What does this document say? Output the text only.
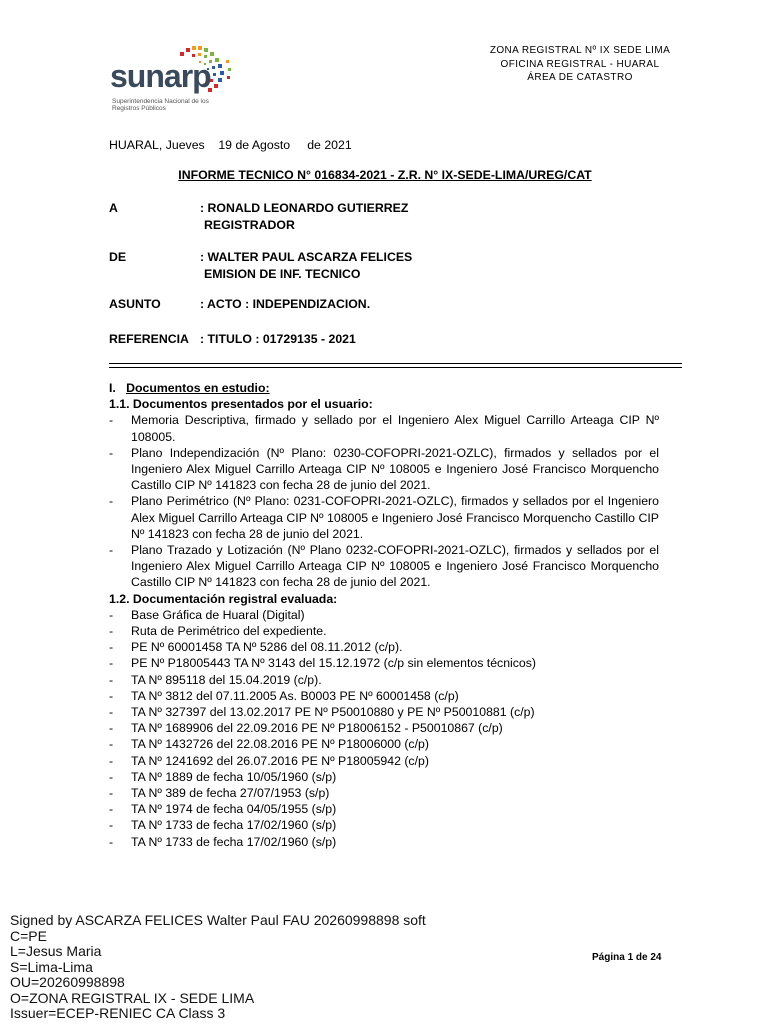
sunarp
Superintendencia Nacional de los Registros Públicos
ZONA REGISTRAL Nº IX SEDE LIMA
OFICINA REGISTRAL - HUARAL
ÁREA DE CATASTRO
HUARAL, Jueves    19 de Agosto     de 2021
INFORME TECNICO N° 016834-2021 - Z.R. N° IX-SEDE-LIMA/UREG/CAT
A	: RONALD LEONARDO GUTIERREZ
REGISTRADOR
DE	: WALTER PAUL ASCARZA FELICES
EMISION DE INF. TECNICO
ASUNTO	: ACTO : INDEPENDIZACION.
REFERENCIA : TITULO : 01729135 - 2021
I. Documentos en estudio:
1.1. Documentos presentados por el usuario:
- Memoria Descriptiva, firmado y sellado por el Ingeniero Alex Miguel Carrillo Arteaga CIP Nº 108005.
- Plano Independización (Nº Plano: 0230-COFOPRI-2021-OZLC), firmados y sellados por el Ingeniero Alex Miguel Carrillo Arteaga CIP Nº 108005 e Ingeniero José Francisco Morquencho Castillo CIP Nº 141823 con fecha 28 de junio del 2021.
- Plano Perimétrico (Nº Plano: 0231-COFOPRI-2021-OZLC), firmados y sellados por el Ingeniero Alex Miguel Carrillo Arteaga CIP Nº 108005 e Ingeniero José Francisco Morquencho Castillo CIP Nº 141823 con fecha 28 de junio del 2021.
- Plano Trazado y Lotización (Nº Plano 0232-COFOPRI-2021-OZLC), firmados y sellados por el Ingeniero Alex Miguel Carrillo Arteaga CIP Nº 108005 e Ingeniero José Francisco Morquencho Castillo CIP Nº 141823 con fecha 28 de junio del 2021.
1.2. Documentación registral evaluada:
- Base Gráfica de Huaral (Digital)
- Ruta de Perimétrico del expediente.
- PE Nº 60001458 TA Nº 5286 del 08.11.2012 (c/p).
- PE Nº P18005443 TA Nº 3143 del 15.12.1972 (c/p sin elementos técnicos)
- TA Nº 895118 del 15.04.2019 (c/p).
- TA Nº 3812 del 07.11.2005 As. B0003 PE Nº 60001458 (c/p)
- TA Nº 327397 del 13.02.2017 PE Nº P50010880 y PE Nº P50010881 (c/p)
- TA Nº 1689906 del 22.09.2016 PE Nº P18006152 - P50010867 (c/p)
- TA Nº 1432726 del 22.08.2016 PE Nº P18006000 (c/p)
- TA Nº 1241692 del 26.07.2016 PE Nº P18005942 (c/p)
- TA Nº 1889 de fecha 10/05/1960 (s/p)
- TA Nº 389 de fecha 27/07/1953 (s/p)
- TA Nº 1974 de fecha 04/05/1955 (s/p)
- TA Nº 1733 de fecha 17/02/1960 (s/p)
- TA Nº 1733 de fecha 17/02/1960 (s/p)
Signed by ASCARZA FELICES Walter Paul FAU 20260998898 soft
C=PE
L=Jesus Maria
S=Lima-Lima
OU=20260998898
O=ZONA REGISTRAL IX - SEDE LIMA
Issuer=ECEP-RENIEC CA Class 3
Página 1 de 24
